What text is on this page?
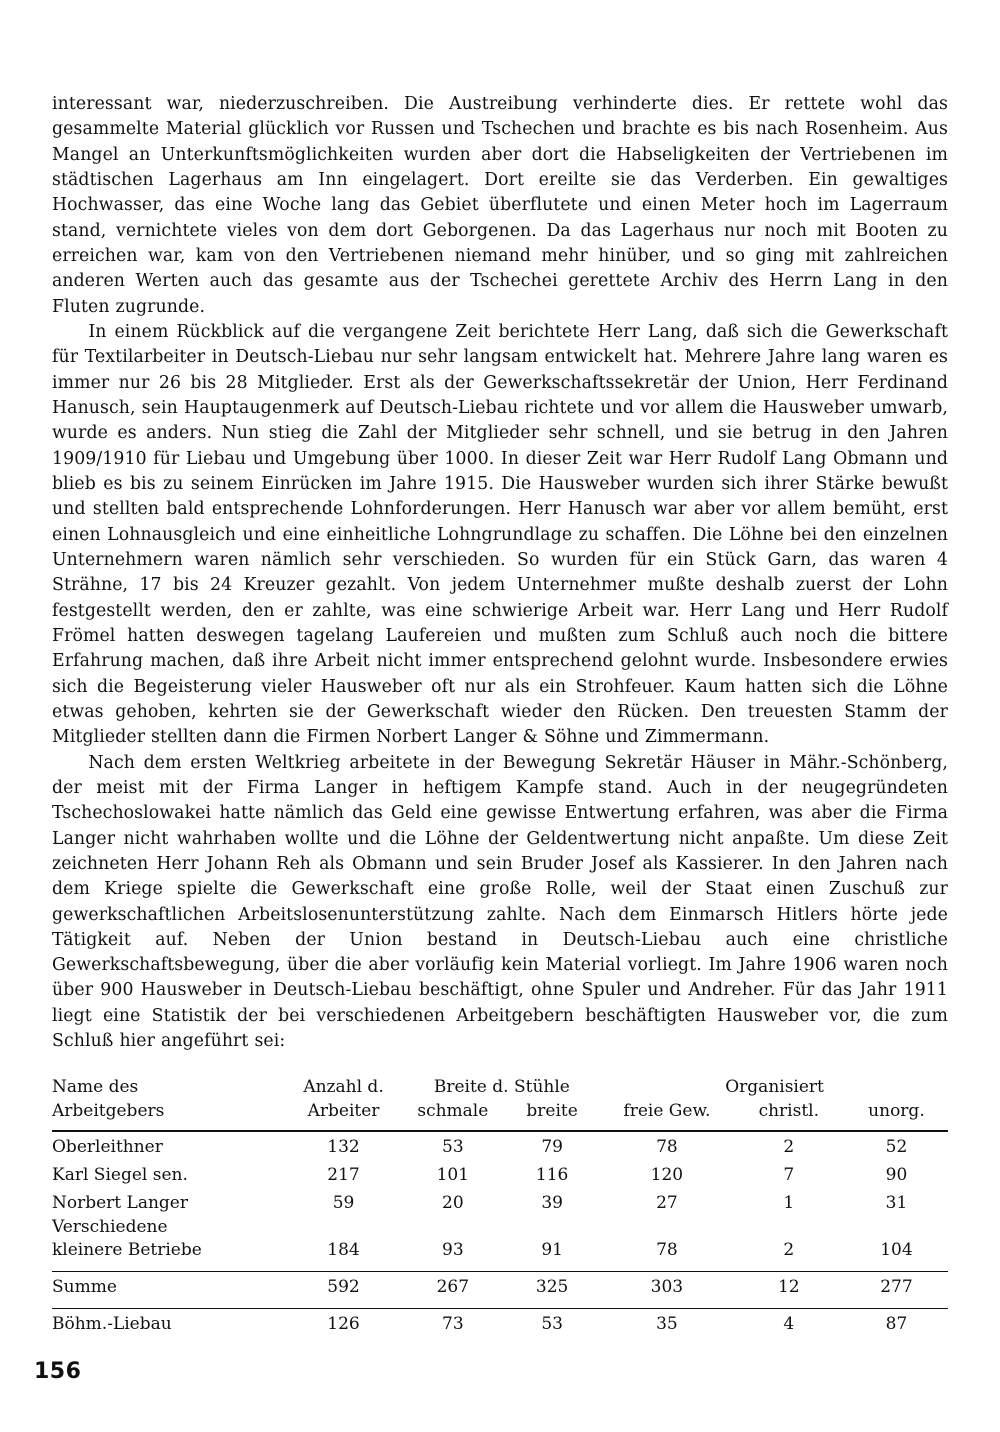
interessant war, niederzuschreiben. Die Austreibung verhinderte dies. Er rettete wohl das gesammelte Material glücklich vor Russen und Tschechen und brachte es bis nach Rosenheim. Aus Mangel an Unterkunftsmöglichkeiten wurden aber dort die Habseligkeiten der Vertriebenen im städtischen Lagerhaus am Inn eingelagert. Dort ereilte sie das Verderben. Ein gewaltiges Hochwasser, das eine Woche lang das Gebiet überflutete und einen Meter hoch im Lagerraum stand, vernichtete vieles von dem dort Geborgenen. Da das Lagerhaus nur noch mit Booten zu erreichen war, kam von den Vertriebenen niemand mehr hinüber, und so ging mit zahlreichen anderen Werten auch das gesamte aus der Tschechei gerettete Archiv des Herrn Lang in den Fluten zugrunde.

In einem Rückblick auf die vergangene Zeit berichtete Herr Lang, daß sich die Gewerkschaft für Textilarbeiter in Deutsch-Liebau nur sehr langsam entwickelt hat. Mehrere Jahre lang waren es immer nur 26 bis 28 Mitglieder. Erst als der Gewerkschaftssekretär der Union, Herr Ferdinand Hanusch, sein Hauptaugenmerk auf Deutsch-Liebau richtete und vor allem die Hausweber umwarb, wurde es anders. Nun stieg die Zahl der Mitglieder sehr schnell, und sie betrug in den Jahren 1909/1910 für Liebau und Umgebung über 1000. In dieser Zeit war Herr Rudolf Lang Obmann und blieb es bis zu seinem Einrücken im Jahre 1915. Die Hausweber wurden sich ihrer Stärke bewußt und stellten bald entsprechende Lohnforderungen. Herr Hanusch war aber vor allem bemüht, erst einen Lohnausgleich und eine einheitliche Lohngrundlage zu schaffen. Die Löhne bei den einzelnen Unternehmern waren nämlich sehr verschieden. So wurden für ein Stück Garn, das waren 4 Strähne, 17 bis 24 Kreuzer gezahlt. Von jedem Unternehmer mußte deshalb zuerst der Lohn festgestellt werden, den er zahlte, was eine schwierige Arbeit war. Herr Lang und Herr Rudolf Frömel hatten deswegen tagelang Laufereien und mußten zum Schluß auch noch die bittere Erfahrung machen, daß ihre Arbeit nicht immer entsprechend gelohnt wurde. Insbesondere erwies sich die Begeisterung vieler Hausweber oft nur als ein Strohfeuer. Kaum hatten sich die Löhne etwas gehoben, kehrten sie der Gewerkschaft wieder den Rücken. Den treuesten Stamm der Mitglieder stellten dann die Firmen Norbert Langer & Söhne und Zimmermann.

Nach dem ersten Weltkrieg arbeitete in der Bewegung Sekretär Häuser in Mähr.-Schönberg, der meist mit der Firma Langer in heftigem Kampfe stand. Auch in der neugegründeten Tschechoslowakei hatte nämlich das Geld eine gewisse Entwertung erfahren, was aber die Firma Langer nicht wahrhaben wollte und die Löhne der Geldentwertung nicht anpaßte. Um diese Zeit zeichneten Herr Johann Reh als Obmann und sein Bruder Josef als Kassierer. In den Jahren nach dem Kriege spielte die Gewerkschaft eine große Rolle, weil der Staat einen Zuschuß zur gewerkschaftlichen Arbeitslosenunterstützung zahlte. Nach dem Einmarsch Hitlers hörte jede Tätigkeit auf. Neben der Union bestand in Deutsch-Liebau auch eine christliche Gewerkschaftsbewegung, über die aber vorläufig kein Material vorliegt. Im Jahre 1906 waren noch über 900 Hausweber in Deutsch-Liebau beschäftigt, ohne Spuler und Andreher. Für das Jahr 1911 liegt eine Statistik der bei verschiedenen Arbeitgebern beschäftigten Hausweber vor, die zum Schluß hier angeführt sei:

Name des	Anzahl d.	Breite d. Stühle		Organisiert		
Arbeitgebers	Arbeiter	schmale	breite	freie Gew.	christl.	unorg.

Oberleithner	132	53	79	78	2	52
Karl Siegel sen.	217	101	116	120	7	90
Norbert Langer	59	20	39	27	1	31
Verschiedene						
kleinere Betriebe	184	93	91	78	2	104

Summe	592	267	325	303	12	277

Böhm.-Liebau	126	73	53	35	4	87
156
